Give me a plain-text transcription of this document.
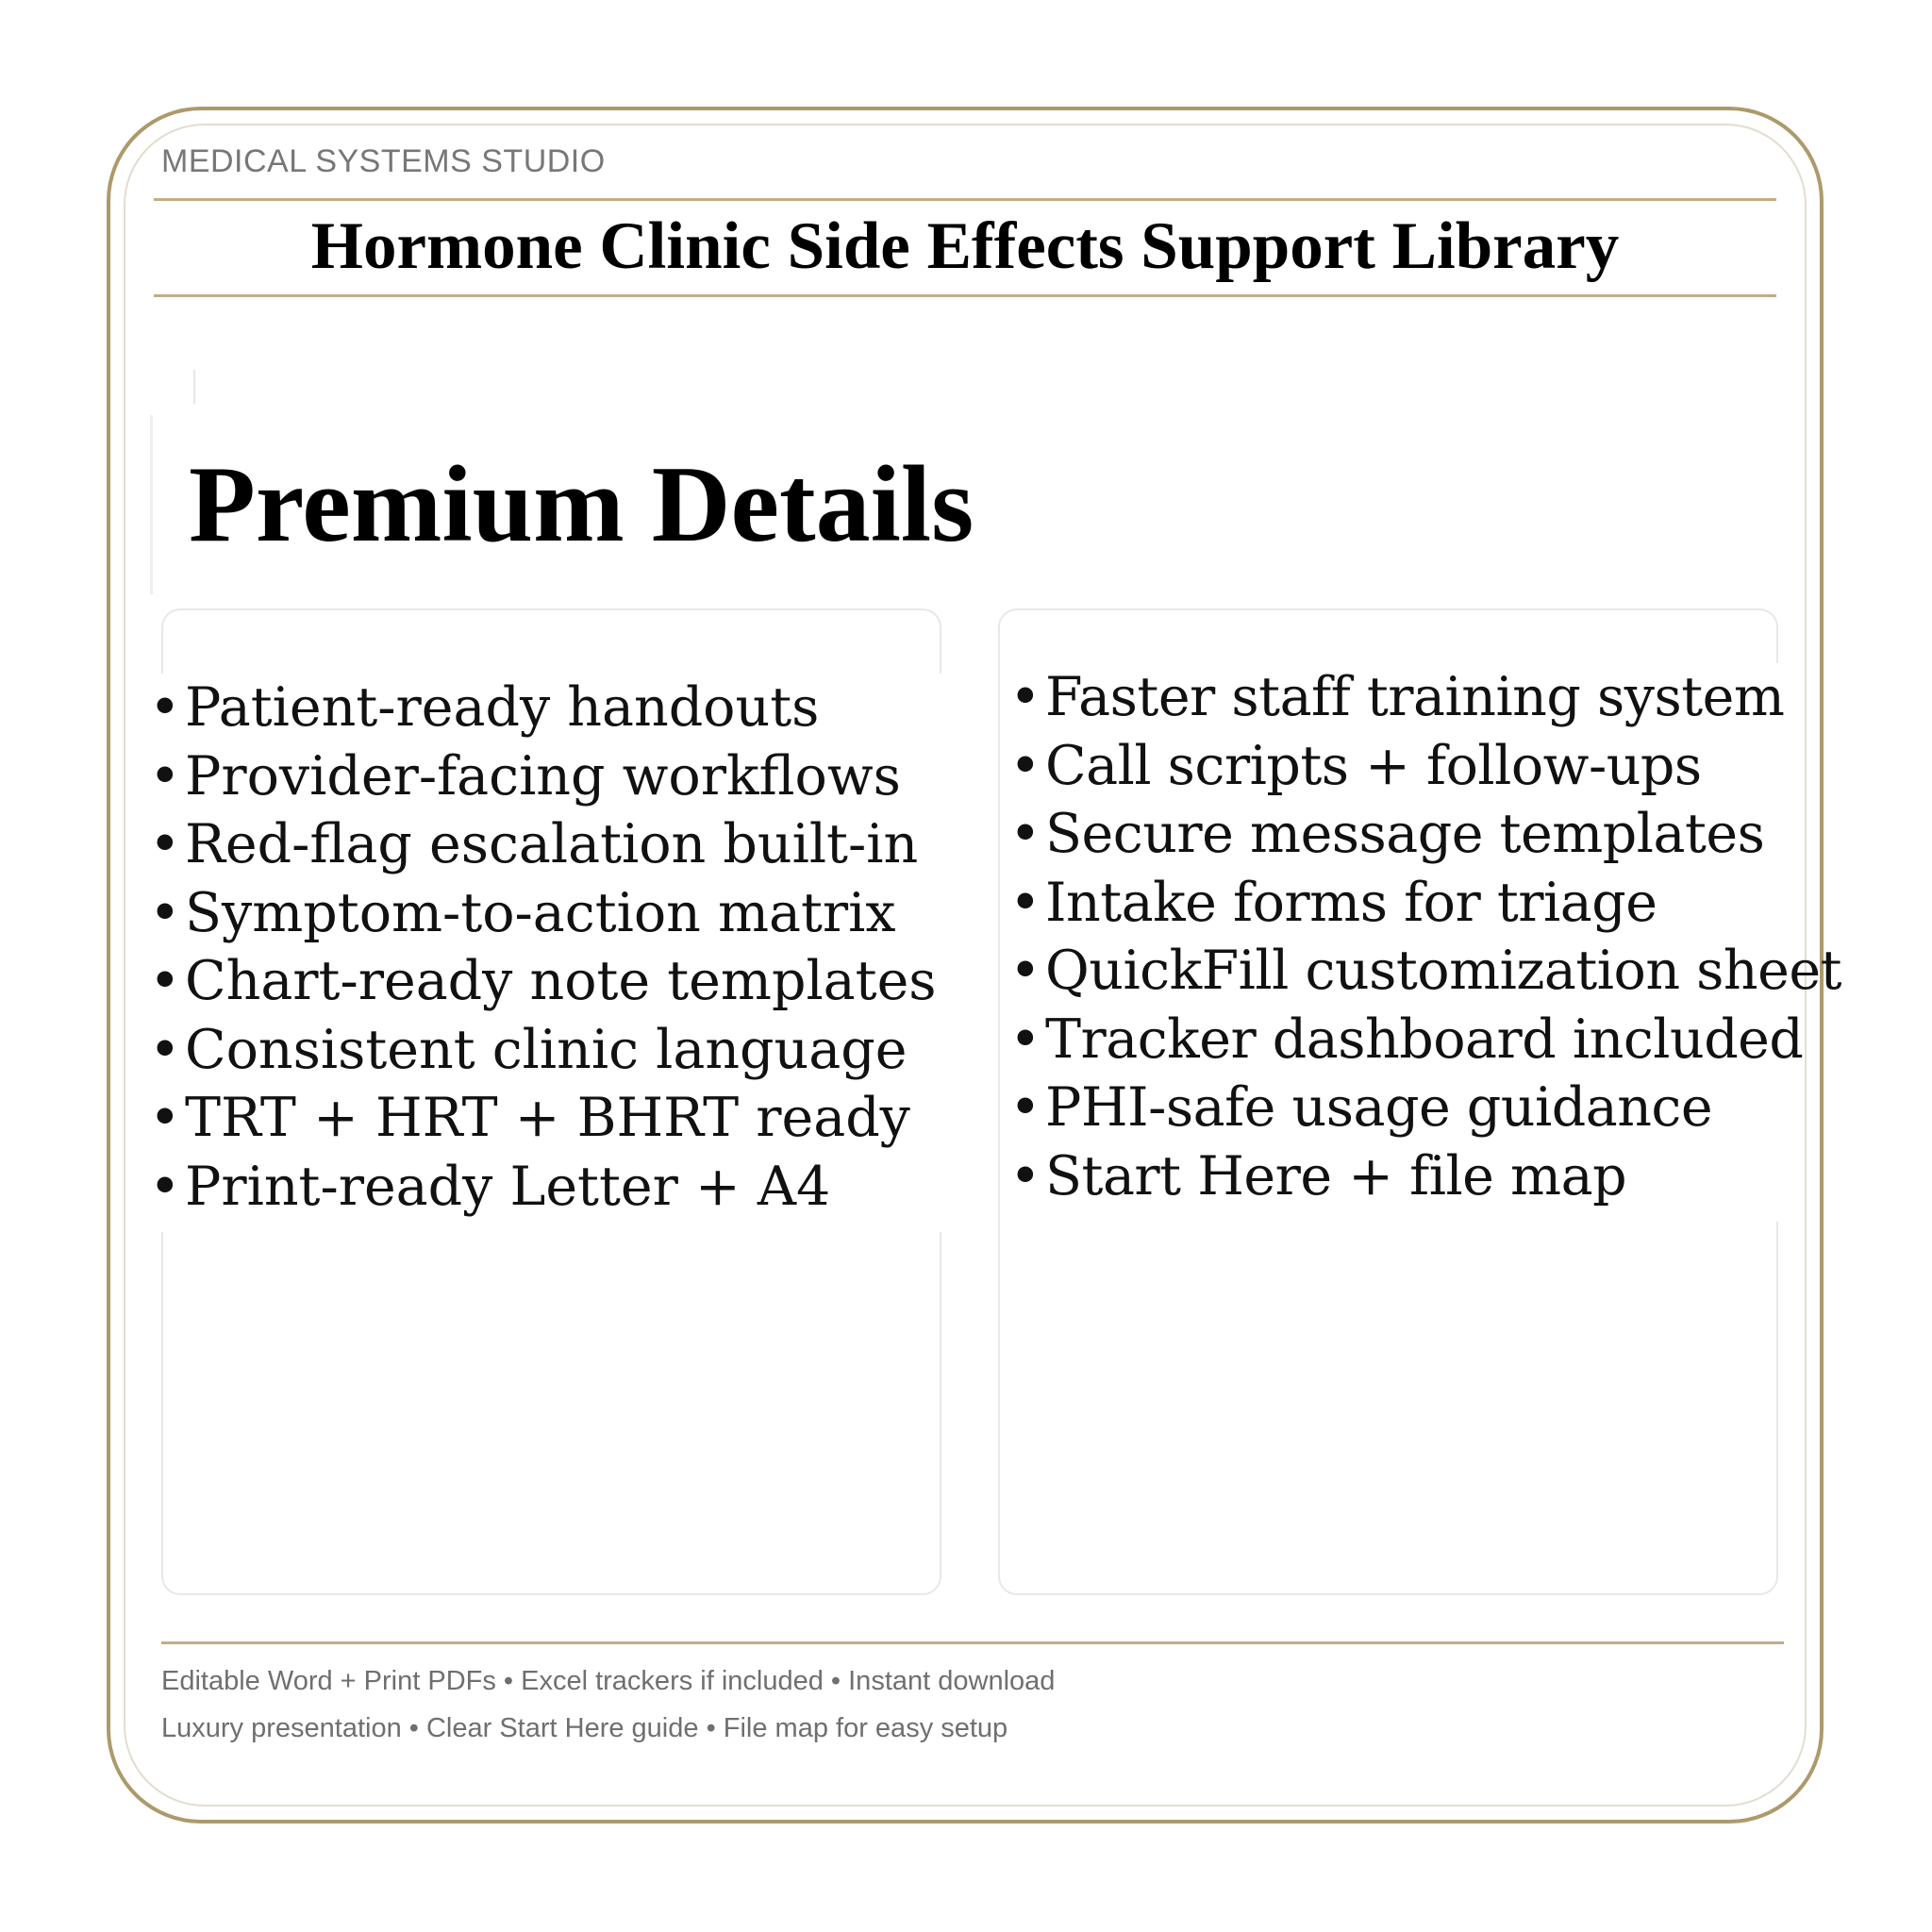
MEDICAL SYSTEMS STUDIO
Hormone Clinic Side Effects Support Library
Premium Details
•Patient-ready handouts
•Provider-facing workflows
•Red-flag escalation built-in
•Symptom-to-action matrix
•Chart-ready note templates
•Consistent clinic language
•TRT + HRT + BHRT ready
•Print-ready Letter + A4
•Faster staff training system
•Call scripts + follow-ups
•Secure message templates
•Intake forms for triage
•QuickFill customization sheet
•Tracker dashboard included
•PHI-safe usage guidance
•Start Here + file map
Editable Word + Print PDFs • Excel trackers if included • Instant download
Luxury presentation • Clear Start Here guide • File map for easy setup
